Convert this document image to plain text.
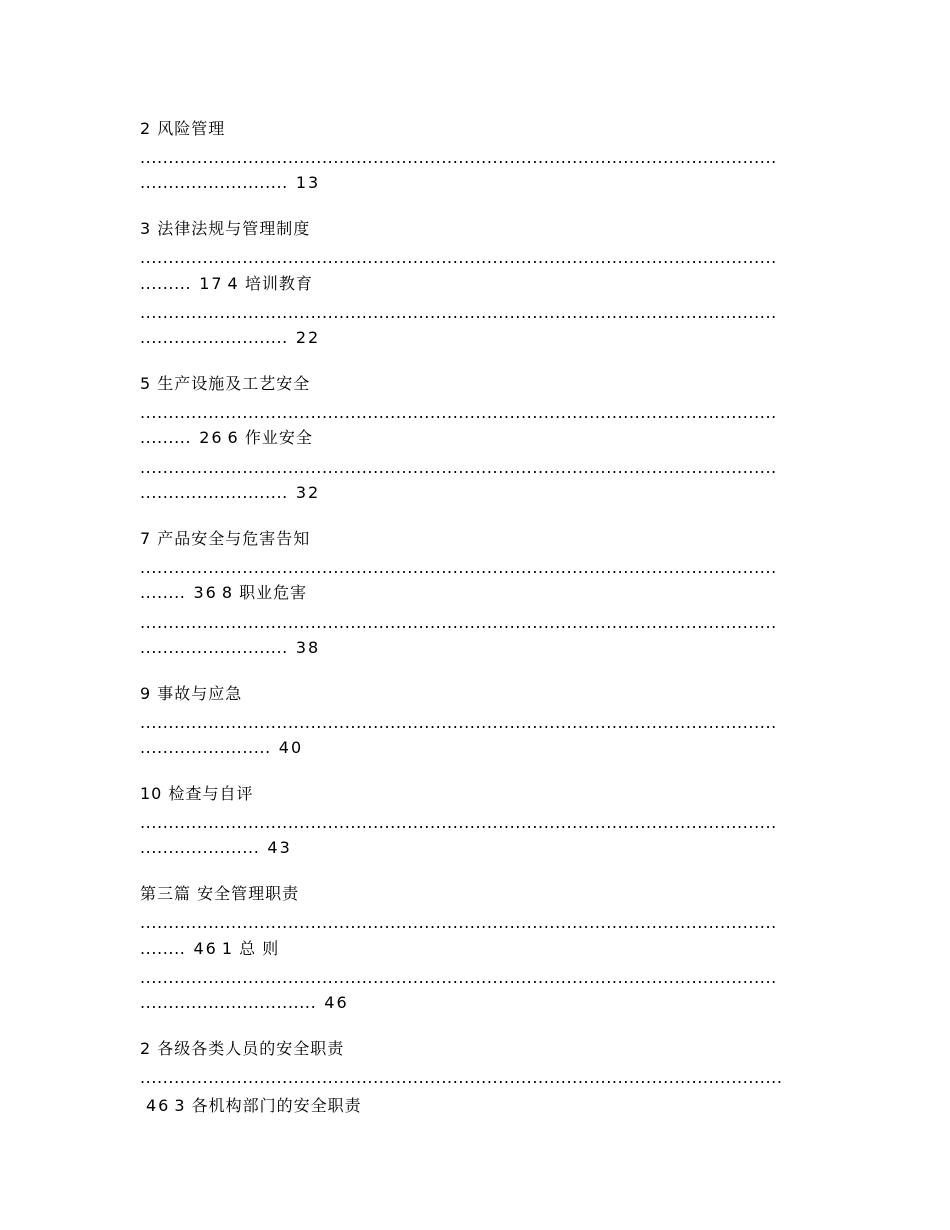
2 风险管理
................................................................................................................
.......................... 13
3 法律法规与管理制度
................................................................................................................
......... 17 4 培训教育
................................................................................................................
.......................... 22
5 生产设施及工艺安全
................................................................................................................
......... 26 6 作业安全
................................................................................................................
.......................... 32
7 产品安全与危害告知
................................................................................................................
........ 36 8 职业危害
................................................................................................................
.......................... 38
9 事故与应急
................................................................................................................
....................... 40
10 检查与自评
................................................................................................................
..................... 43
第三篇 安全管理职责
................................................................................................................
........ 46 1 总 则
................................................................................................................
............................... 46
2 各级各类人员的安全职责
.................................................................................................................
46 3 各机构部门的安全职责
